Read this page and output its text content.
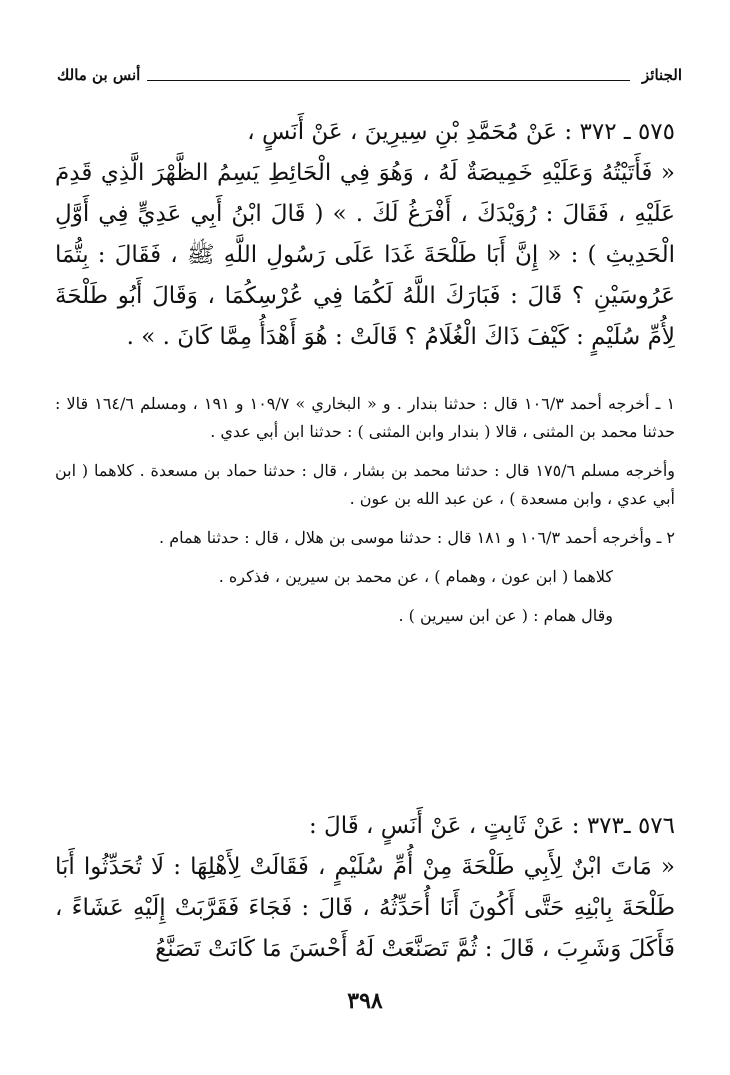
الجنائز
أنس بن مالك

٥٧٥ ـ ٣٧٢ : عَنْ مُحَمَّدِ بْنِ سِيرِينَ ، عَنْ أَنَسٍ ،

« فَأَتَيْتُهُ وَعَلَيْهِ خَمِيصَةٌ لَهُ ، وَهُوَ فِي الْحَائِطِ يَسِمُ الظَّهْرَ الَّذِي قَدِمَ عَلَيْهِ ، فَقَالَ : رُوَيْدَكَ ، أَفْرَغُ لَكَ . » ( قَالَ ابْنُ أَبِي عَدِيٍّ فِي أَوَّلِ الْحَدِيثِ ) : « إِنَّ أَبَا طَلْحَةَ غَدَا عَلَى رَسُولِ اللَّهِ ﷺ ، فَقَالَ : بِتُّمَا عَرُوسَيْنِ ؟ قَالَ : فَبَارَكَ اللَّهُ لَكُمَا فِي عُرْسِكُمَا ، وَقَالَ أَبُو طَلْحَةَ لِأُمِّ سُلَيْمٍ : كَيْفَ ذَاكَ الْغُلَامُ ؟ قَالَتْ : هُوَ أَهْدَأُ مِمَّا كَانَ . » .

١ ـ أخرجه أحمد ١٠٦/٣ قال : حدثنا بندار . و « البخاري » ١٠٩/٧ و ١٩١ ، ومسلم ١٦٤/٦ قالا : حدثنا محمد بن المثنى ، قالا ( بندار وابن المثنى ) : حدثنا ابن أبي عدي .

وأخرجه مسلم ١٧٥/٦ قال : حدثنا محمد بن بشار ، قال : حدثنا حماد بن مسعدة . كلاهما ( ابن أبي عدي ، وابن مسعدة ) ، عن عبد الله بن عون .

٢ ـ وأخرجه أحمد ١٠٦/٣ و ١٨١ قال : حدثنا موسى بن هلال ، قال : حدثنا همام .

كلاهما ( ابن عون ، وهمام ) ، عن محمد بن سيرين ، فذكره .

وقال همام : ( عن ابن سيرين ) .

٥٧٦ ـ٣٧٣ : عَنْ ثَابِتٍ ، عَنْ أَنَسٍ ، قَالَ :

« مَاتَ ابْنٌ لِأَبِي طَلْحَةَ مِنْ أُمِّ سُلَيْمٍ ، فَقَالَتْ لِأَهْلِهَا : لَا تُحَدِّثُوا أَبَا طَلْحَةَ بِابْنِهِ حَتَّى أَكُونَ أَنَا أُحَدِّثُهُ ، قَالَ : فَجَاءَ فَقَرَّبَتْ إِلَيْهِ عَشَاءً ، فَأَكَلَ وَشَرِبَ ، قَالَ : ثُمَّ تَصَنَّعَتْ لَهُ أَحْسَنَ مَا كَانَتْ تَصَنَّعُ

٣٩٨
